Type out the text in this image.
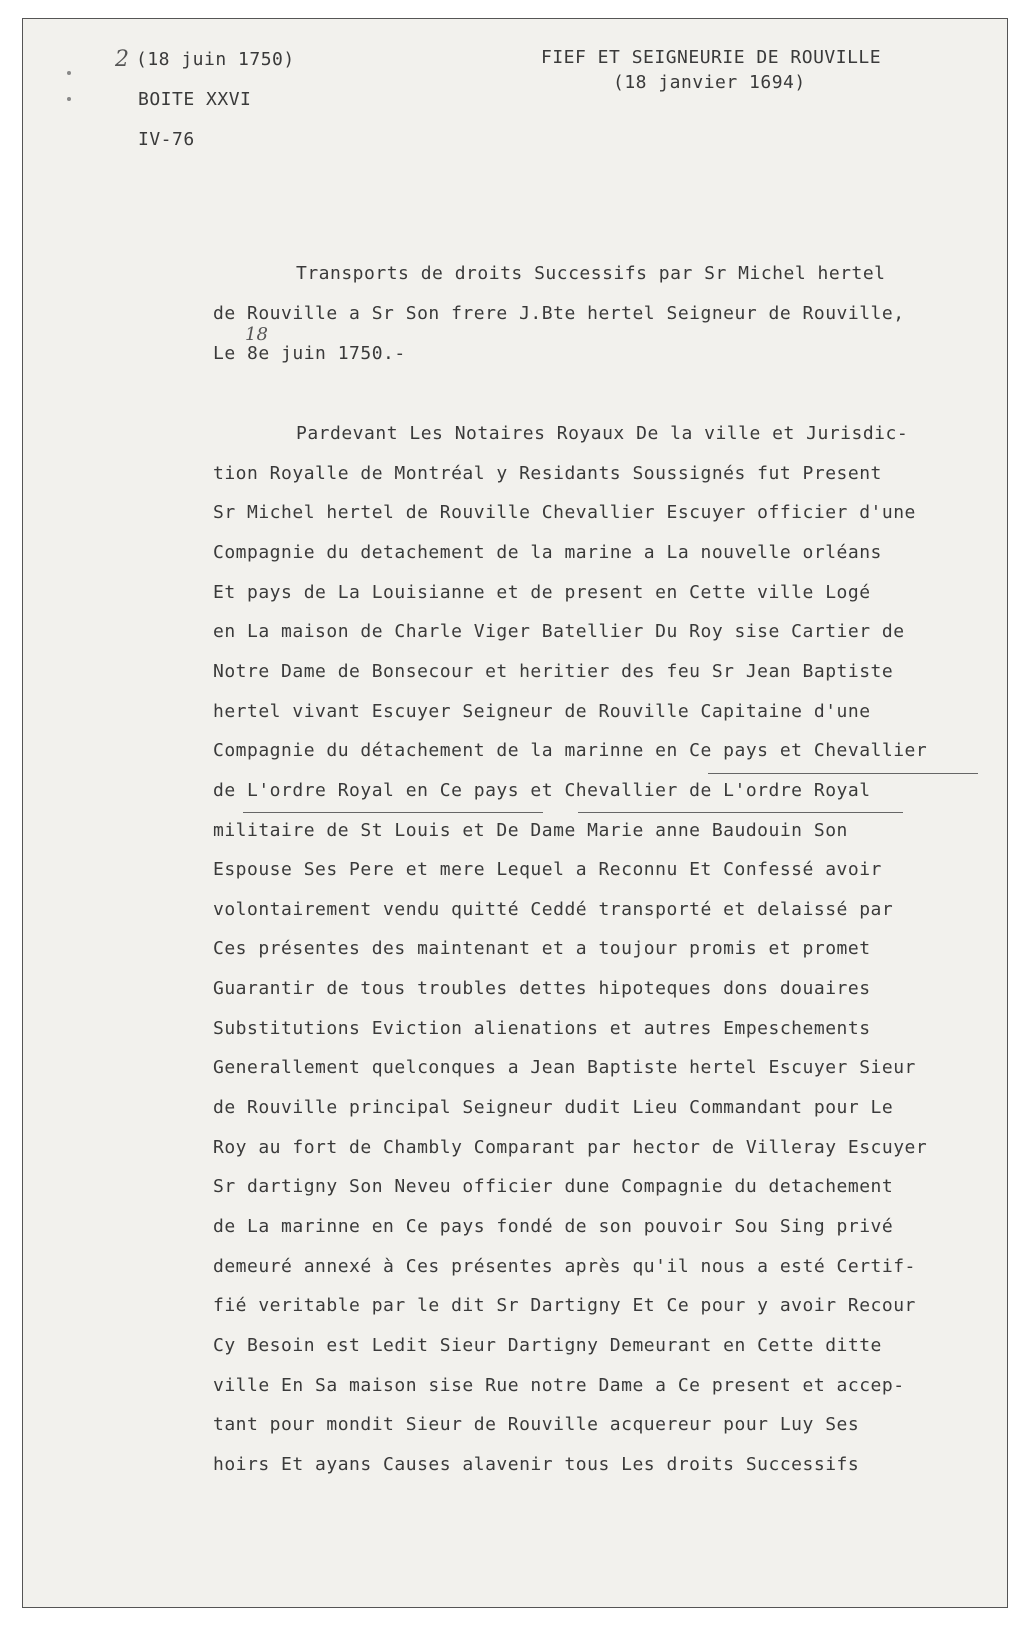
2 (18 juin 1750)
BOITE XXVI
IV-76
FIEF ET SEIGNEURIE DE ROUVILLE
(18 janvier 1694)
Transports de droits Successifs par Sr Michel hertel
de Rouville a Sr Son frere J.Bte hertel Seigneur de Rouville,
18
Le 8e juin 1750.-
Pardevant Les Notaires Royaux De la ville et Jurisdic-
tion Royalle de Montréal y Residants Soussignés fut Present
Sr Michel hertel de Rouville Chevallier Escuyer officier d'une
Compagnie du detachement de la marine a La nouvelle orléans
Et pays de La Louisianne et de present en Cette ville Logé
en La maison de Charle Viger Batellier Du Roy sise Cartier de
Notre Dame de Bonsecour et heritier des feu Sr Jean Baptiste
hertel vivant Escuyer Seigneur de Rouville Capitaine d'une
Compagnie du détachement de la marinne en Ce pays et Chevallier
de L'ordre Royal en Ce pays et Chevallier de L'ordre Royal
militaire de St Louis et De Dame Marie anne Baudouin Son
Espouse Ses Pere et mere Lequel a Reconnu Et Confessé avoir
volontairement vendu quitté Ceddé transporté et delaissé par
Ces présentes des maintenant et a toujour promis et promet
Guarantir de tous troubles dettes hipoteques dons douaires
Substitutions Eviction alienations et autres Empeschements
Generallement quelconques a Jean Baptiste hertel Escuyer Sieur
de Rouville principal Seigneur dudit Lieu Commandant pour Le
Roy au fort de Chambly Comparant par hector de Villeray Escuyer
Sr dartigny Son Neveu officier dune Compagnie du detachement
de La marinne en Ce pays fondé de son pouvoir Sou Sing privé
demeuré annexé à Ces présentes après qu'il nous a esté Certif-
fié veritable par le dit Sr Dartigny Et Ce pour y avoir Recour
Cy Besoin est Ledit Sieur Dartigny Demeurant en Cette ditte
ville En Sa maison sise Rue notre Dame a Ce present et accep-
tant pour mondit Sieur de Rouville acquereur pour Luy Ses
hoirs Et ayans Causes alavenir tous Les droits Successifs
